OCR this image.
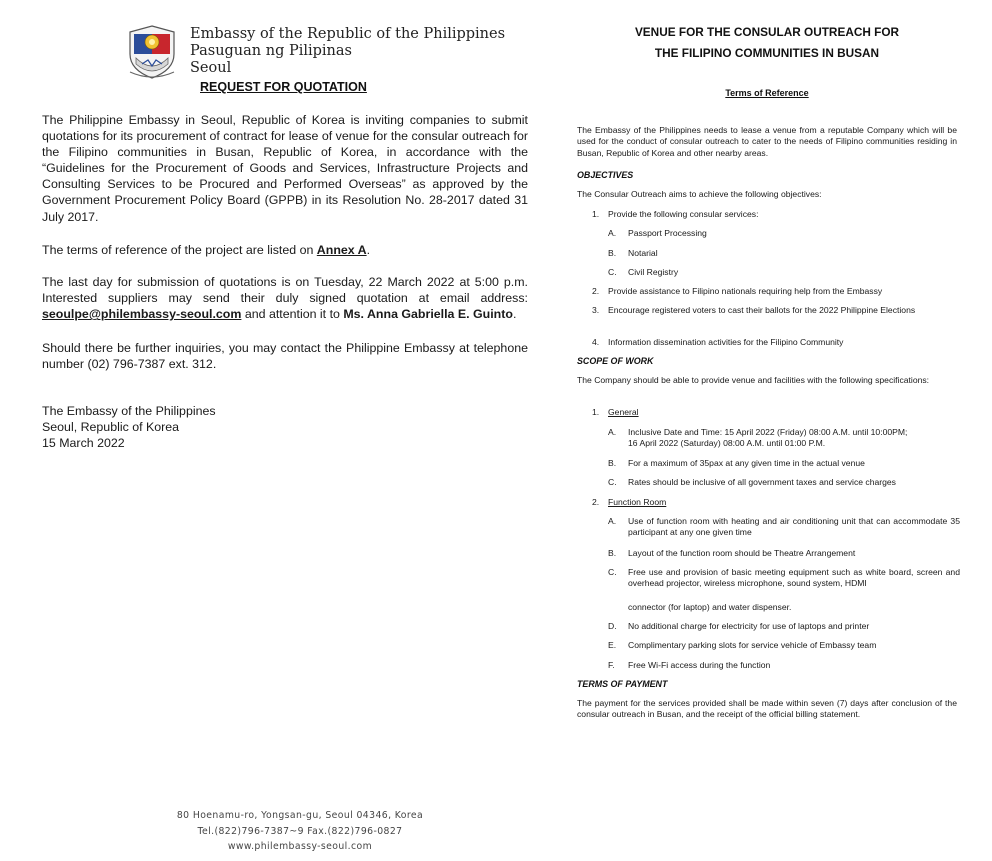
Embassy of the Republic of the Philippines
Pasuguan ng Pilipinas
Seoul
REQUEST FOR QUOTATION

The Philippine Embassy in Seoul, Republic of Korea is inviting companies to submit quotations for its procurement of contract for lease of venue for the consular outreach for the Filipino communities in Busan, Republic of Korea, in accordance with the “Guidelines for the Procurement of Goods and Services, Infrastructure Projects and Consulting Services to be Procured and Performed Overseas” as approved by the Government Procurement Policy Board (GPPB) in its Resolution No. 28-2017 dated 31 July 2017.

The terms of reference of the project are listed on Annex A.

The last day for submission of quotations is on Tuesday, 22 March 2022 at 5:00 p.m. Interested suppliers may send their duly signed quotation at email address: seoulpe@philembassy-seoul.com and attention it to Ms. Anna Gabriella E. Guinto.

Should there be further inquiries, you may contact the Philippine Embassy at telephone number (02) 796-7387 ext. 312.

The Embassy of the Philippines
Seoul, Republic of Korea
15 March 2022
80 Hoenamu-ro, Yongsan-gu, Seoul 04346, Korea
Tel.(822)796-7387~9 Fax.(822)796-0827
www.philembassy-seoul.com
VENUE FOR THE CONSULAR OUTREACH FOR
THE FILIPINO COMMUNITIES IN BUSAN
Terms of Reference

The Embassy of the Philippines needs to lease a venue from a reputable Company which will be used for the conduct of consular outreach to cater to the needs of Filipino communities residing in Busan, Republic of Korea and other nearby areas.

OBJECTIVES

The Consular Outreach aims to achieve the following objectives:

1. Provide the following consular services:
A. Passport Processing
B. Notarial
C. Civil Registry
2. Provide assistance to Filipino nationals requiring help from the Embassy
3. Encourage registered voters to cast their ballots for the 2022 Philippine Elections
4. Information dissemination activities for the Filipino Community
SCOPE OF WORK

The Company should be able to provide venue and facilities with the following specifications:

1. General
A. Inclusive Date and Time: 15 April 2022 (Friday) 08:00 A.M. until 10:00PM;
16 April 2022 (Saturday) 08:00 A.M. until 01:00 P.M.
B. For a maximum of 35pax at any given time in the actual venue
C. Rates should be inclusive of all government taxes and service charges
2. Function Room
A. Use of function room with heating and air conditioning unit that can accommodate 35 participant at any one given time
B. Layout of the function room should be Theatre Arrangement
C. Free use and provision of basic meeting equipment such as white board, screen and overhead projector, wireless microphone, sound system, HDMI
connector (for laptop) and water dispenser.
D. No additional charge for electricity for use of laptops and printer
E. Complimentary parking slots for service vehicle of Embassy team
F. Free Wi-Fi access during the function
TERMS OF PAYMENT

The payment for the services provided shall be made within seven (7) days after conclusion of the consular outreach in Busan, and the receipt of the official billing statement.
